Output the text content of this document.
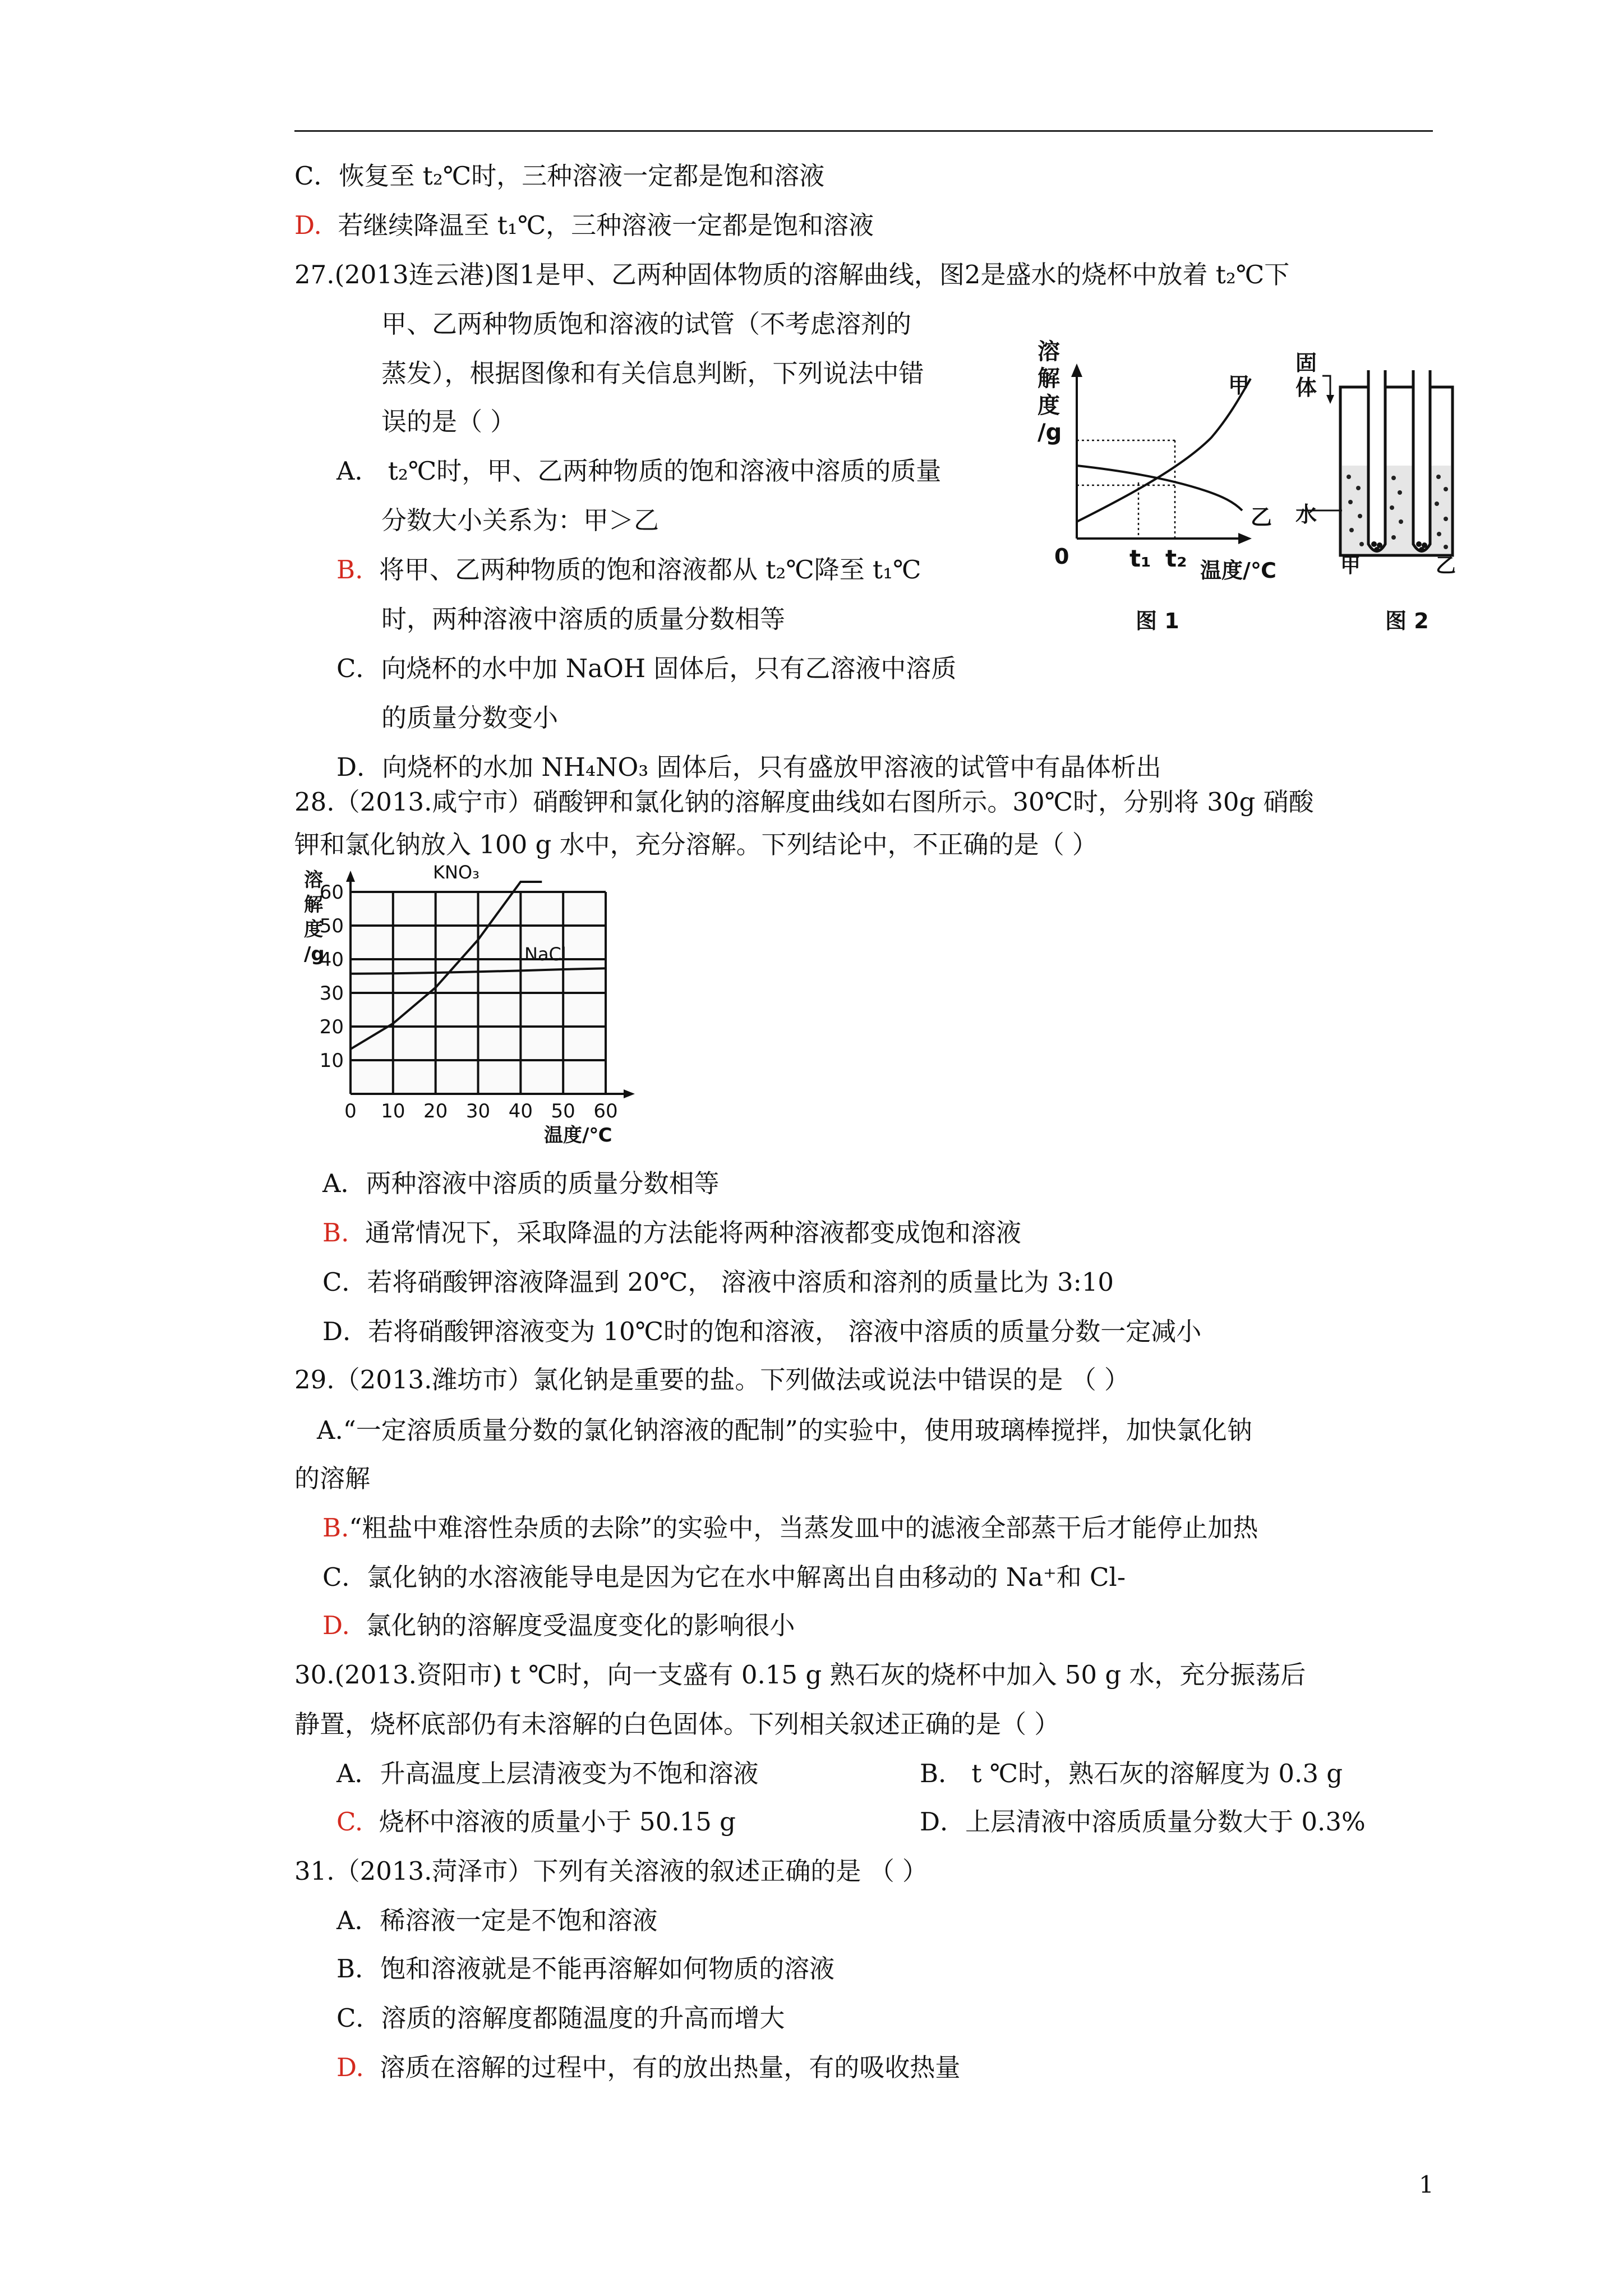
C．恢复至 t₂℃时，三种溶液一定都是饱和溶液
D. 若继续降温至 t₁℃，三种溶液一定都是饱和溶液
27.(2013连云港)图1是甲、乙两种固体物质的溶解曲线，图2是盛水的烧杯中放着 t₂℃下
甲、乙两种物质饱和溶液的试管（不考虑溶剂的
蒸发），根据图像和有关信息判断，下列说法中错
误的是（ ）
A． t₂℃时，甲、乙两种物质的饱和溶液中溶质的质量
分数大小关系为：甲＞乙
B. 将甲、乙两种物质的饱和溶液都从 t₂℃降至 t₁℃
时，两种溶液中溶质的质量分数相等
C．向烧杯的水中加 NaOH 固体后，只有乙溶液中溶质
的质量分数变小
D．向烧杯的水加 NH₄NO₃ 固体后，只有盛放甲溶液的试管中有晶体析出
溶
解
度
/g
0	t₁ t₂ 温度/℃
甲
乙
图 1
固
体
水
甲	乙
图 2
28.（2013.咸宁市）硝酸钾和氯化钠的溶解度曲线如右图所示。30℃时，分别将 30g 硝酸
钾和氯化钠放入 100 g 水中，充分溶解。下列结论中，不正确的是（ ）
溶
解
度
/g
10
20
30
40
50
60
0 10 20 30 40 50 60
KNO₃
NaCl
温度/℃
A．两种溶液中溶质的质量分数相等
B. 通常情况下，采取降温的方法能将两种溶液都变成饱和溶液
C．若将硝酸钾溶液降温到 20℃， 溶液中溶质和溶剂的质量比为 3:10
D．若将硝酸钾溶液变为 10℃时的饱和溶液， 溶液中溶质的质量分数一定减小
29.（2013.潍坊市）氯化钠是重要的盐。下列做法或说法中错误的是 （ ）
A.“一定溶质质量分数的氯化钠溶液的配制”的实验中，使用玻璃棒搅拌，加快氯化钠
的溶解
B.“粗盐中难溶性杂质的去除”的实验中，当蒸发皿中的滤液全部蒸干后才能停止加热
C．氯化钠的水溶液能导电是因为它在水中解离出自由移动的 Na⁺和 Cl-
D. 氯化钠的溶解度受温度变化的影响很小
30.(2013.资阳市) t ℃时，向一支盛有 0.15 g 熟石灰的烧杯中加入 50 g 水，充分振荡后
静置，烧杯底部仍有未溶解的白色固体。下列相关叙述正确的是（ ）
A．升高温度上层清液变为不饱和溶液	B． t ℃时，熟石灰的溶解度为 0.3 g
C. 烧杯中溶液的质量小于 50.15 g	D．上层清液中溶质质量分数大于 0.3%
31.（2013.菏泽市）下列有关溶液的叙述正确的是 （ ）
A．稀溶液一定是不饱和溶液
B．饱和溶液就是不能再溶解如何物质的溶液
C．溶质的溶解度都随温度的升高而增大
D. 溶质在溶解的过程中，有的放出热量，有的吸收热量
1
